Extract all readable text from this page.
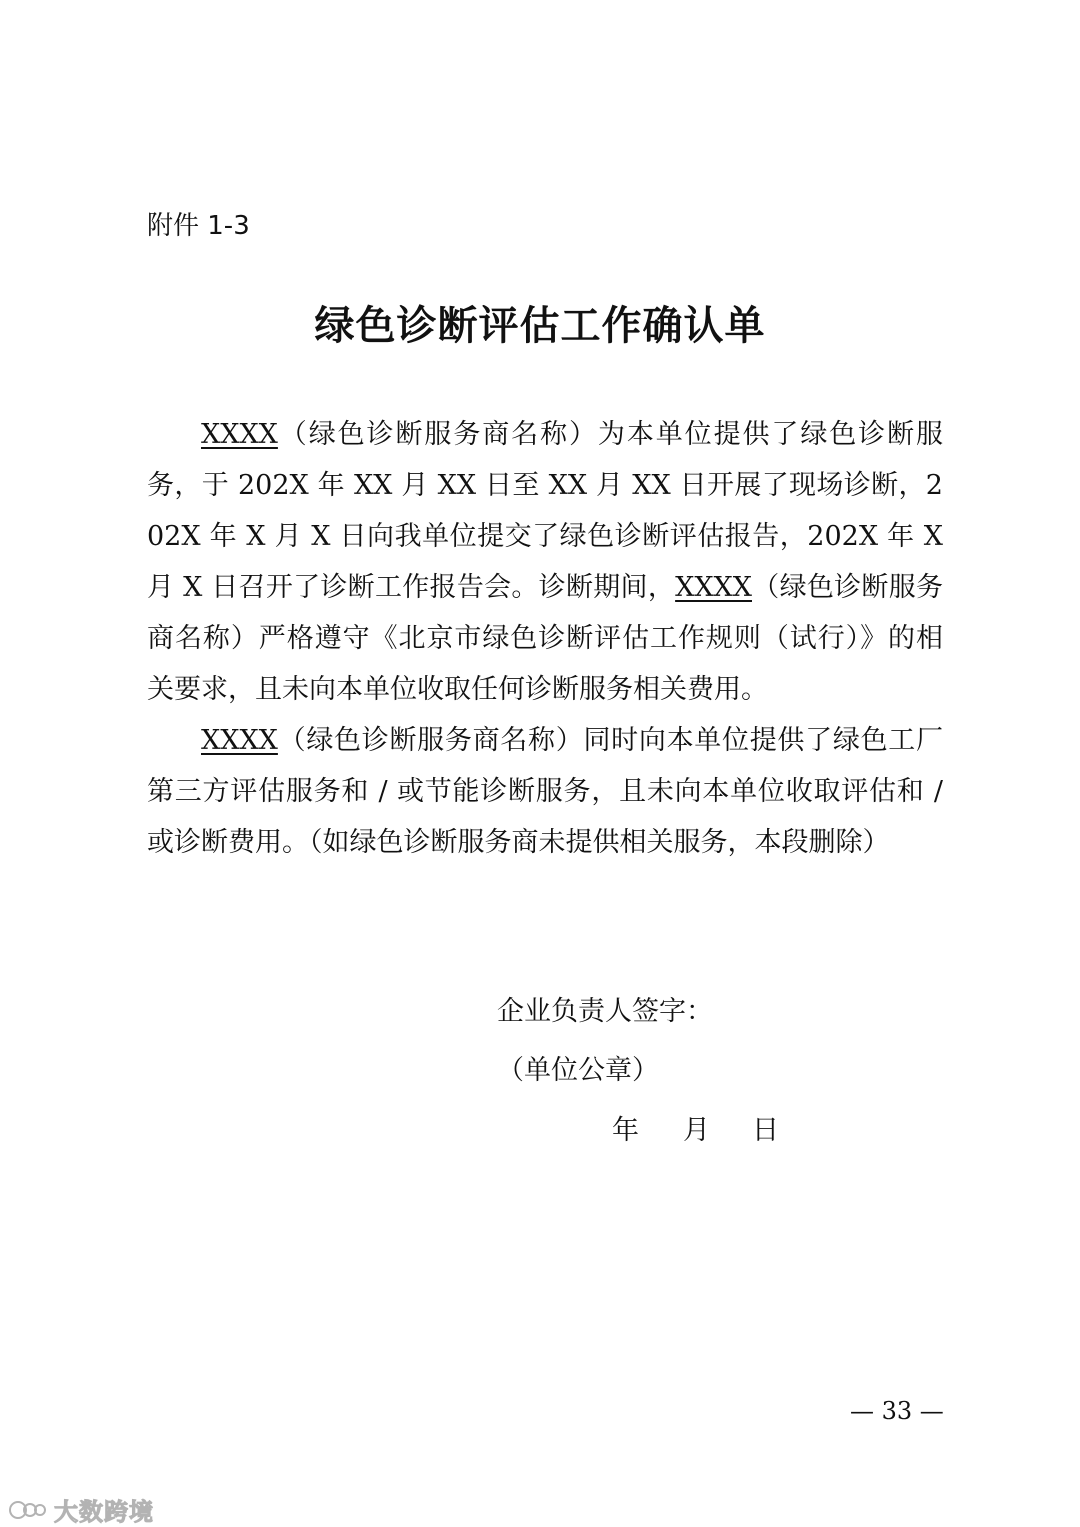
附件 1-3
绿色诊断评估工作确认单

XXXX（绿色诊断服务商名称）为本单位提供了绿色诊断服务，于 202X 年 XX 月 XX 日至 XX 月 XX 日开展了现场诊断，202X 年 X 月 X 日向我单位提交了绿色诊断评估报告，202X 年 X 月 X 日召开了诊断工作报告会。诊断期间，XXXX（绿色诊断服务商名称）严格遵守《北京市绿色诊断评估工作规则（试行）》的相关要求，且未向本单位收取任何诊断服务相关费用。

XXXX（绿色诊断服务商名称）同时向本单位提供了绿色工厂第三方评估服务和 / 或节能诊断服务，且未向本单位收取评估和 / 或诊断费用。（如绿色诊断服务商未提供相关服务，本段删除）

企业负责人签字：
（单位公章）
年 月 日
— 33 —
大数跨境
